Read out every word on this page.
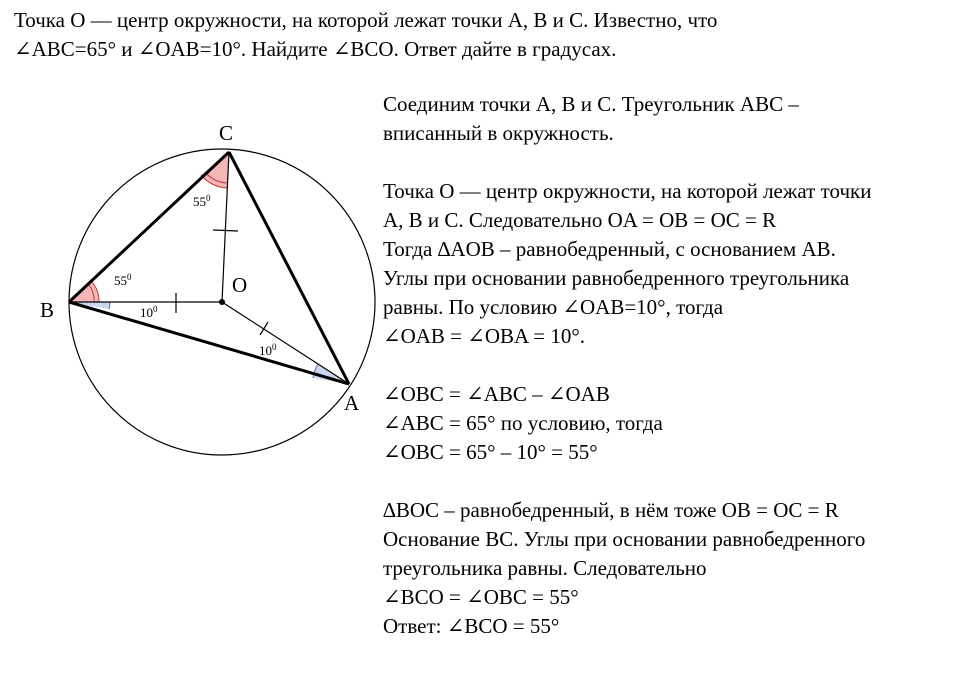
Точка О — центр окружности, на которой лежат точки A, B и C. Известно, что
∠ABC=65° и ∠OAB=10°. Найдите ∠BCO. Ответ дайте в градусах.
C
B
A
O
$55^0$
$55^0$
$10^0$
$10^0$
Соединим точки A, B и C. Треугольник ABC –
вписанный в окружность.
Точка О — центр окружности, на которой лежат точки
A, B и C. Следовательно OA = OB = OC = R
Тогда ∆AOB – равнобедренный, с основанием AB.
Углы при основании равнобедренного треугольника
равны. По условию ∠OAB=10°, тогда
∠OAB = ∠OBA = 10°.
∠OBC = ∠ABC – ∠OAB
∠ABC = 65° по условию, тогда
∠OBC = 65° – 10° = 55°
∆BOC – равнобедренный, в нём тоже OB = OC = R
Основание BC. Углы при основании равнобедренного
треугольника равны. Следовательно
∠BCO = ∠OBC = 55°
Ответ: ∠BCO = 55°
